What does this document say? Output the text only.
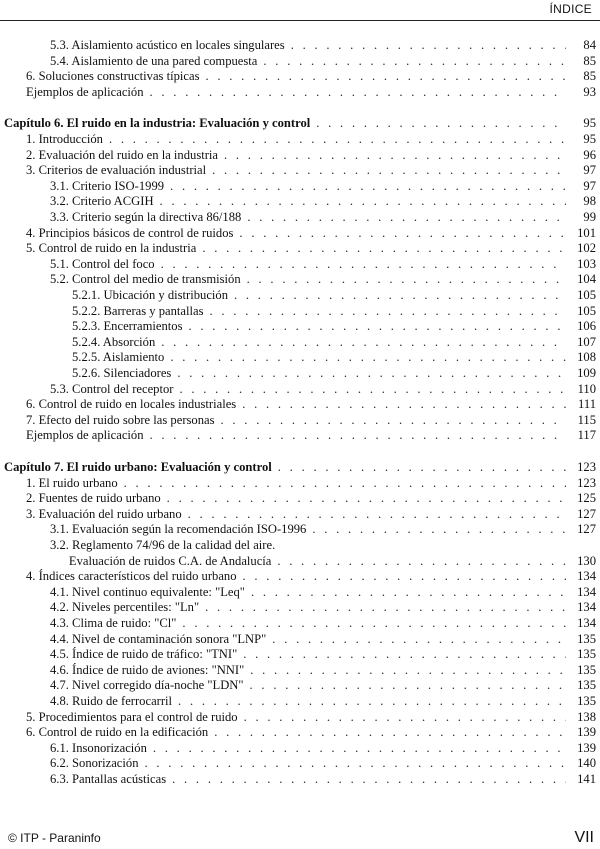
ÍNDICE
5.3. Aislamiento acústico en locales singulares . . .	84
5.4. Aislamiento de una pared compuesta . . .	85
6. Soluciones constructivas típicas . . .	85
Ejemplos de aplicación . . .	93
Capítulo 6. El ruido en la industria: Evaluación y control . . .	95
1. Introducción . . .	95
2. Evaluación del ruido en la industria . . .	96
3. Criterios de evaluación industrial . . .	97
3.1. Criterio ISO-1999 . . .	97
3.2. Criterio ACGIH . . .	98
3.3. Criterio según la directiva 86/188 . . .	99
4. Principios básicos de control de ruidos . . .	101
5. Control de ruido en la industria . . .	102
5.1. Control del foco . . .	103
5.2. Control del medio de transmisión . . .	104
5.2.1. Ubicación y distribución . . .	105
5.2.2. Barreras y pantallas . . .	105
5.2.3. Encerramientos . . .	106
5.2.4. Absorción . . .	107
5.2.5. Aislamiento . . .	108
5.2.6. Silenciadores . . .	109
5.3. Control del receptor . . .	110
6. Control de ruido en locales industriales . . .	111
7. Efecto del ruido sobre las personas . . .	115
Ejemplos de aplicación . . .	117
Capítulo 7. El ruido urbano: Evaluación y control . . .	123
1. El ruido urbano . . .	123
2. Fuentes de ruido urbano . . .	125
3. Evaluación del ruido urbano . . .	127
3.1. Evaluación según la recomendación ISO-1996 . . .	127
3.2. Reglamento 74/96 de la calidad del aire.
Evaluación de ruidos C.A. de Andalucía . . .	130
4. Índices característicos del ruido urbano . . .	134
4.1. Nivel continuo equivalente: "Leq" . . .	134
4.2. Niveles percentiles: "Ln" . . .	134
4.3. Clima de ruido: "Cl" . . .	134
4.4. Nivel de contaminación sonora "LNP" . . .	135
4.5. Índice de ruido de tráfico: "TNI" . . .	135
4.6. Índice de ruido de aviones: "NNI" . . .	135
4.7. Nivel corregido día-noche "LDN" . . .	135
4.8. Ruido de ferrocarril . . .	135
5. Procedimientos para el control de ruido . . .	138
6. Control de ruido en la edificación . . .	139
6.1. Insonorización . . .	139
6.2. Sonorización . . .	140
6.3. Pantallas acústicas . . .	141
© ITP - Paraninfo	VII
